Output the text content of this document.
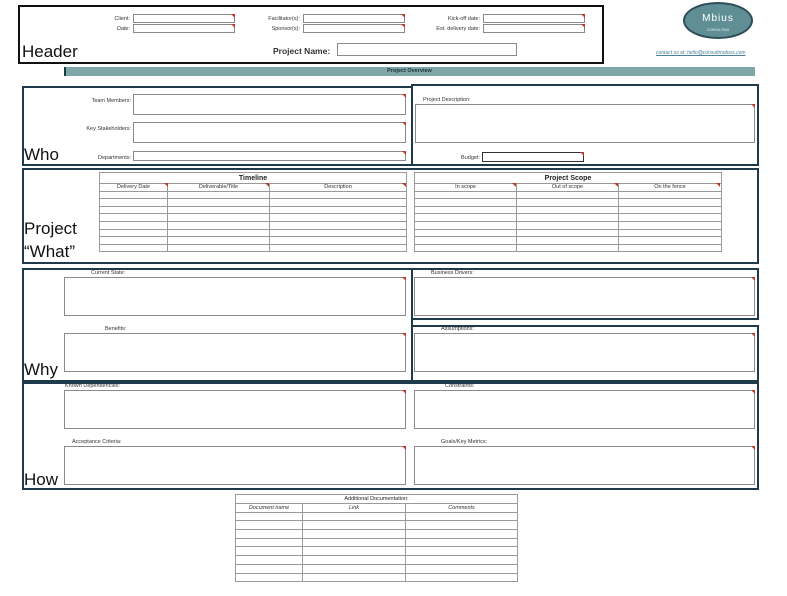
Header
Client:
Date:
Facilitator(s):
Sponsor(s):
Kick-off date:
Est. delivery date:
Project Name:
Mbius
CONSULTING
contact us at: hello@consultmobius.com
Project Overview
Who
Team Members:
Key Stakeholders:
Departments:
Project Description:
Budget:
Project
“What”
Timeline		
Delivery Date	Deliverable/Title	Description

Project Scope		
In scope	Out of scope	On the fence

Why
Current State:	Business Drivers:
Benefits:
How
Assumptions:
Known Dependencies:	Constraints:
Acceptance Criteria:	Goals/Key Metrics:
Additional Documentation:		
Document name	Link	Comments
